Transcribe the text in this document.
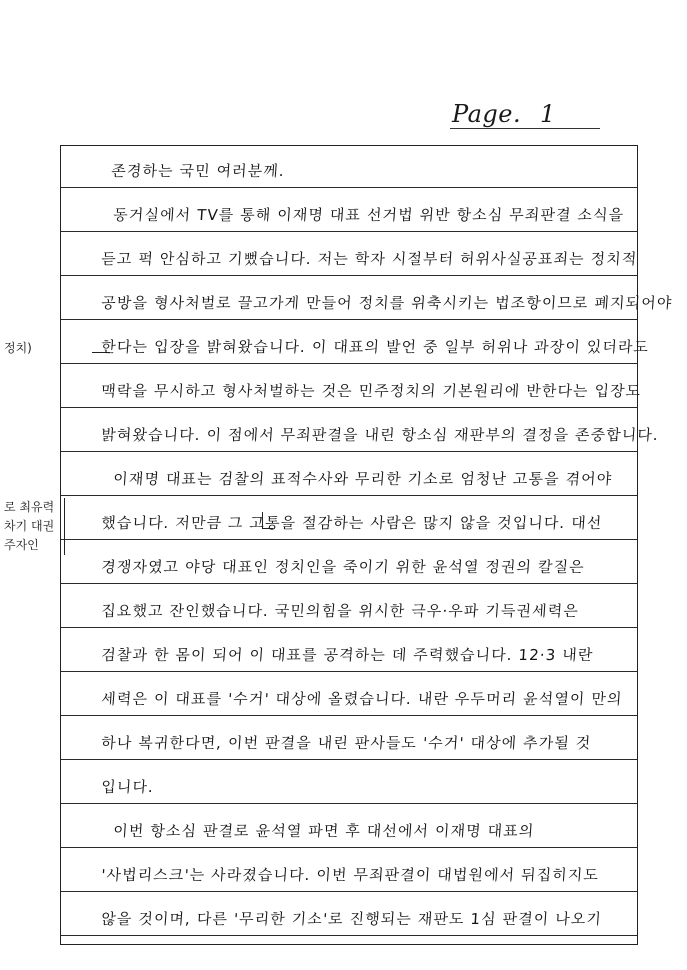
Page. 1
정치)
로 최유력
차기 대권
주자인
존경하는 국민 여러분께.
동거실에서 TV를 통해 이재명 대표 선거법 위반 항소심 무죄판결 소식을
듣고 퍽 안심하고 기뻤습니다. 저는 학자 시절부터 허위사실공표죄는 정치적
공방을 형사처벌로 끌고가게 만들어 정치를 위축시키는 법조항이므로 폐지되어야
한다는 입장을 밝혀왔습니다. 이 대표의 발언 중 일부 허위나 과장이 있더라도
맥락을 무시하고 형사처벌하는 것은 민주정치의 기본원리에 반한다는 입장도
밝혀왔습니다. 이 점에서 무죄판결을 내린 항소심 재판부의 결정을 존중합니다.
이재명 대표는 검찰의 표적수사와 무리한 기소로 엄청난 고통을 겪어야
했습니다. 저만큼 그 고통을 절감하는 사람은 많지 않을 것입니다. 대선
경쟁자였고 야당 대표인 정치인을 죽이기 위한 윤석열 정권의 칼질은
집요했고 잔인했습니다. 국민의힘을 위시한 극우·우파 기득권세력은
검찰과 한 몸이 되어 이 대표를 공격하는 데 주력했습니다. 12·3 내란
세력은 이 대표를 '수거' 대상에 올렸습니다. 내란 우두머리 윤석열이 만의
하나 복귀한다면, 이번 판결을 내린 판사들도 '수거' 대상에 추가될 것
입니다.
이번 항소심 판결로 윤석열 파면 후 대선에서 이재명 대표의
'사법리스크'는 사라졌습니다. 이번 무죄판결이 대법원에서 뒤집히지도
않을 것이며, 다른 '무리한 기소'로 진행되는 재판도 1심 판결이 나오기
